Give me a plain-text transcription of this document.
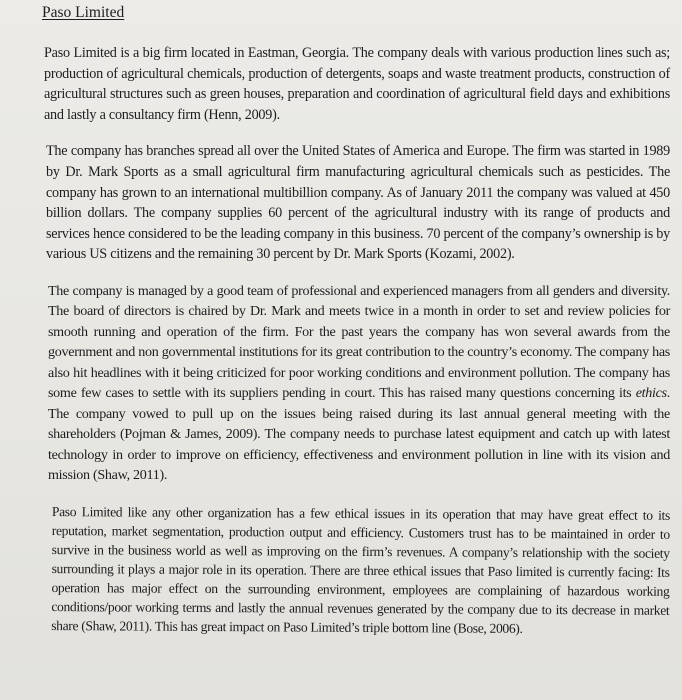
Paso Limited

Paso Limited is a big firm located in Eastman, Georgia. The company deals with various production lines such as; production of agricultural chemicals, production of detergents, soaps and waste treatment products, construction of agricultural structures such as green houses, preparation and coordination of agricultural field days and exhibitions and lastly a consultancy firm (Henn, 2009).

The company has branches spread all over the United States of America and Europe. The firm was started in 1989 by Dr. Mark Sports as a small agricultural firm manufacturing agricultural chemicals such as pesticides. The company has grown to an international multibillion company. As of January 2011 the company was valued at 450 billion dollars. The company supplies 60 percent of the agricultural industry with its range of products and services hence considered to be the leading company in this business. 70 percent of the company’s ownership is by various US citizens and the remaining 30 percent by Dr. Mark Sports (Kozami, 2002).

The company is managed by a good team of professional and experienced managers from all genders and diversity. The board of directors is chaired by Dr. Mark and meets twice in a month in order to set and review policies for smooth running and operation of the firm. For the past years the company has won several awards from the government and non governmental institutions for its great contribution to the country’s economy. The company has also hit headlines with it being criticized for poor working conditions and environment pollution. The company has some few cases to settle with its suppliers pending in court. This has raised many questions concerning its ethics. The company vowed to pull up on the issues being raised during its last annual general meeting with the shareholders (Pojman & James, 2009). The company needs to purchase latest equipment and catch up with latest technology in order to improve on efficiency, effectiveness and environment pollution in line with its vision and mission (Shaw, 2011).

Paso Limited like any other organization has a few ethical issues in its operation that may have great effect to its reputation, market segmentation, production output and efficiency. Customers trust has to be maintained in order to survive in the business world as well as improving on the firm’s revenues. A company’s relationship with the society surrounding it plays a major role in its operation. There are three ethical issues that Paso limited is currently facing: Its operation has major effect on the surrounding environment, employees are complaining of hazardous working conditions/poor working terms and lastly the annual revenues generated by the company due to its decrease in market share (Shaw, 2011). This has great impact on Paso Limited’s triple bottom line (Bose, 2006).
